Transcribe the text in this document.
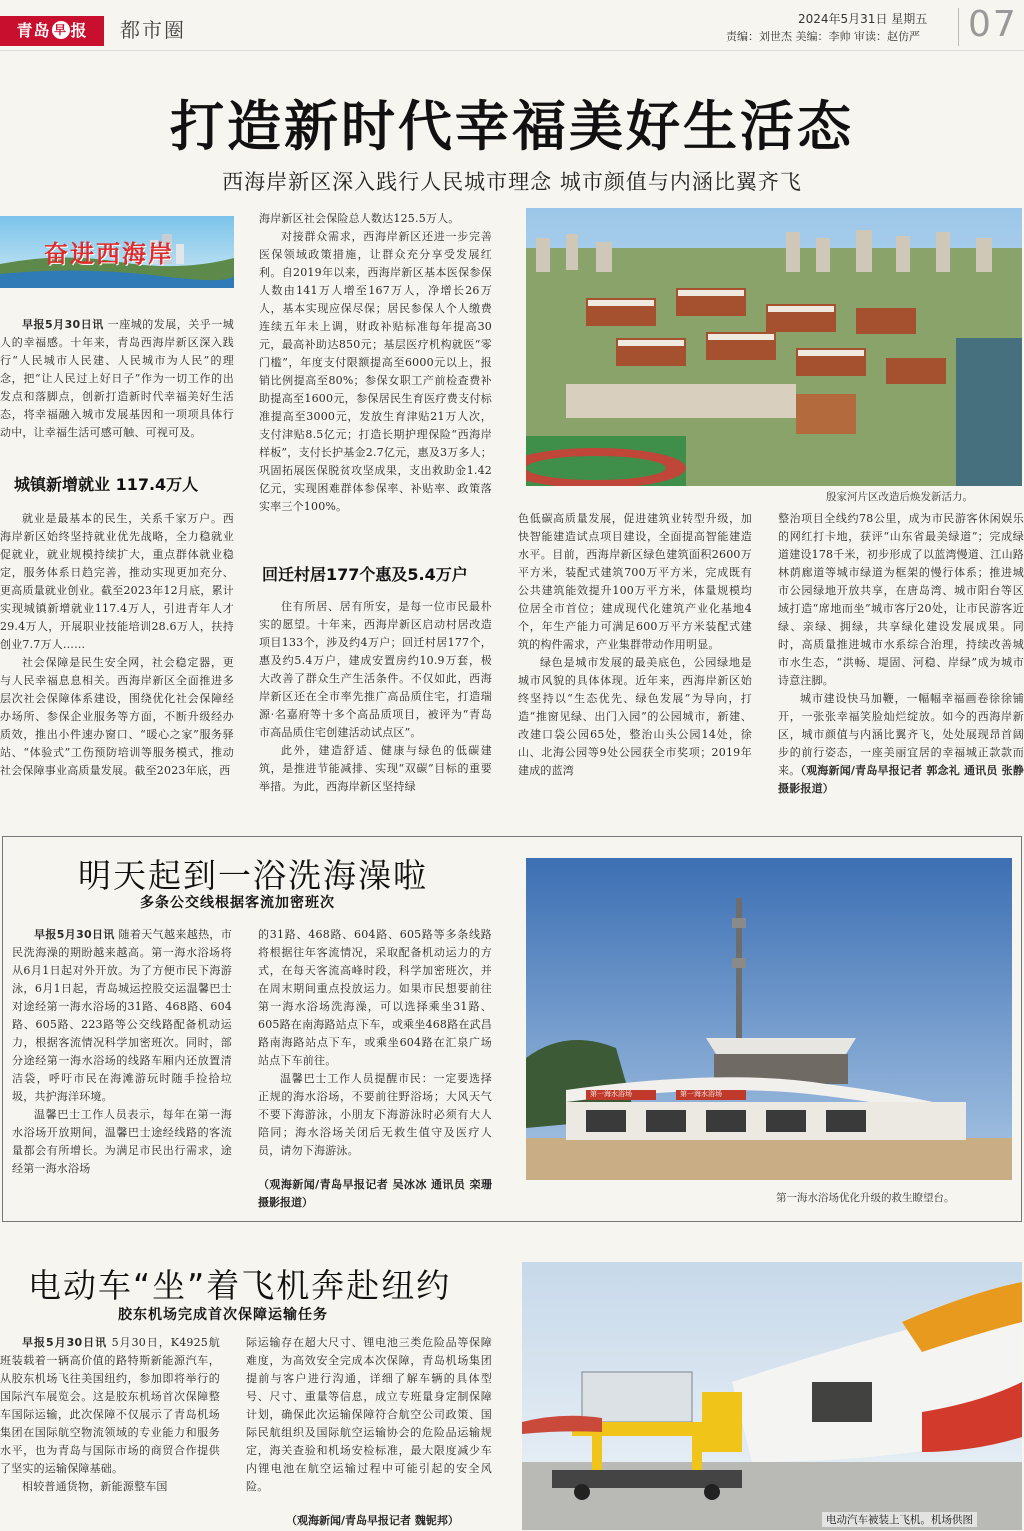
青岛 早 报	都市圈	2024年5月31日 星期五
责编：刘世杰 美编：李帅 审读：赵仿严 07
打造新时代幸福美好生活态
西海岸新区深入践行人民城市理念 城市颜值与内涵比翼齐飞
奋进西海岸

早报5月30日讯 一座城的发展，关乎一城人的幸福感。十年来，青岛西海岸新区深入践行“人民城市人民建、人民城市为人民”的理念，把“让人民过上好日子”作为一切工作的出发点和落脚点，创新打造新时代幸福美好生活态，将幸福融入城市发展基因和一项项具体行动中，让幸福生活可感可触、可视可及。

城镇新增就业 117.4万人

就业是最基本的民生，关系千家万户。西海岸新区始终坚持就业优先战略，全力稳就业促就业，就业规模持续扩大，重点群体就业稳定，服务体系日趋完善，推动实现更加充分、更高质量就业创业。截至2023年12月底，累计实现城镇新增就业117.4万人，引进青年人才29.4万人，开展职业技能培训28.6万人，扶持创业7.7万人……

社会保障是民生安全网，社会稳定器，更与人民幸福息息相关。西海岸新区全面推进多层次社会保障体系建设，围绕优化社会保障经办场所、参保企业服务等方面，不断升级经办质效，推出小件速办窗口、“暖心之家”服务驿站、“体验式”工伤预防培训等服务模式，推动社会保障事业高质量发展。截至2023年底，西

海岸新区社会保险总人数达125.5万人。

对接群众需求，西海岸新区还进一步完善医保领域政策措施，让群众充分享受发展红利。自2019年以来，西海岸新区基本医保参保人数由141万人增至167万人，净增长26万人，基本实现应保尽保；居民参保人个人缴费连续五年未上调，财政补贴标准每年提高30元，最高补助达850元；基层医疗机构就医“零门槛”，年度支付限额提高至6000元以上，报销比例提高至80%；参保女职工产前检查费补助提高至1600元，参保居民生育医疗费支付标准提高至3000元，发放生育津贴21万人次，支付津贴8.5亿元；打造长期护理保险“西海岸样板”，支付长护基金2.7亿元，惠及3万多人；巩固拓展医保脱贫攻坚成果，支出救助金1.42亿元，实现困难群体参保率、补贴率、政策落实率三个100%。

回迁村居177个惠及5.4万户

住有所居、居有所安，是每一位市民最朴实的愿望。十年来，西海岸新区启动村居改造项目133个，涉及约4万户；回迁村居177个，惠及约5.4万户，建成安置房约10.9万套，极大改善了群众生产生活条件。不仅如此，西海岸新区还在全市率先推广高品质住宅，打造瑞源·名嘉府等十多个高品质项目，被评为“青岛市高品质住宅创建活动试点区”。

此外，建造舒适、健康与绿色的低碳建筑，是推进节能减排、实现“双碳”目标的重要举措。为此，西海岸新区坚持绿

殷家河片区改造后焕发新活力。

色低碳高质量发展，促进建筑业转型升级，加快智能建造试点项目建设，全面提高智能建造水平。目前，西海岸新区绿色建筑面积2600万平方米，装配式建筑700万平方米，完成既有公共建筑能效提升100万平方米，体量规模均位居全市首位；建成现代化建筑产业化基地4个，年生产能力可满足600万平方米装配式建筑的构件需求，产业集群带动作用明显。

绿色是城市发展的最美底色，公园绿地是城市风貌的具体体现。近年来，西海岸新区始终坚持以“生态优先、绿色发展”为导向，打造“推窗见绿、出门入园”的公园城市，新建、改建口袋公园65处，整治山头公园14处，徐山、北海公园等9处公园获全市奖项；2019年建成的蓝湾

整治项目全线约78公里，成为市民游客休闲娱乐的网红打卡地，获评“山东省最美绿道”；完成绿道建设178千米，初步形成了以蓝湾慢道、江山路林荫廊道等城市绿道为框架的慢行体系；推进城市公园绿地开放共享，在唐岛湾、城市阳台等区域打造“席地而坐”城市客厅20处，让市民游客近绿、亲绿、拥绿，共享绿化建设发展成果。同时，高质量推进城市水系综合治理，持续改善城市水生态，“洪畅、堤固、河稳、岸绿”成为城市诗意注脚。

城市建设快马加鞭，一幅幅幸福画卷徐徐铺开，一张张幸福笑脸灿烂绽放。如今的西海岸新区，城市颜值与内涵比翼齐飞，处处展现昂首阔步的前行姿态，一座美丽宜居的幸福城正款款而来。（观海新闻/青岛早报记者 郭念礼 通讯员 张静 摄影报道）

明天起到一浴洗海澡啦
多条公交线根据客流加密班次

早报5月30日讯 随着天气越来越热，市民洗海澡的期盼越来越高。第一海水浴场将从6月1日起对外开放。为了方便市民下海游泳，6月1日起，青岛城运控股交运温馨巴士对途经第一海水浴场的31路、468路、604路、605路、223路等公交线路配备机动运力，根据客流情况科学加密班次。同时，部分途经第一海水浴场的线路车厢内还放置清洁袋，呼吁市民在海滩游玩时随手捡拾垃圾，共护海洋环境。

温馨巴士工作人员表示，每年在第一海水浴场开放期间，温馨巴士途经线路的客流量都会有所增长。为满足市民出行需求，途经第一海水浴场

的31路、468路、604路、605路等多条线路将根据往年客流情况，采取配备机动运力的方式，在每天客流高峰时段，科学加密班次，并在周末期间重点投放运力。如果市民想要前往第一海水浴场洗海澡，可以选择乘坐31路、605路在南海路站点下车，或乘坐468路在武昌路南海路站点下车，或乘坐604路在汇泉广场站点下车前往。

温馨巴士工作人员提醒市民：一定要选择正规的海水浴场，不要前往野浴场；大风天气不要下海游泳，小朋友下海游泳时必须有大人陪同；海水浴场关闭后无救生值守及医疗人员，请勿下海游泳。

（观海新闻/青岛早报记者 吴冰冰 通讯员 栾珊 摄影报道）
第一海水浴场	第一海水浴场
第一海水浴场优化升级的救生瞭望台。
电动车“坐”着飞机奔赴纽约
胶东机场完成首次保障运输任务

早报5月30日讯 5月30日，K4925航班装载着一辆高价值的路特斯新能源汽车，从胶东机场飞往美国纽约，参加即将举行的国际汽车展览会。这是胶东机场首次保障整车国际运输，此次保障不仅展示了青岛机场集团在国际航空物流领域的专业能力和服务水平，也为青岛与国际市场的商贸合作提供了坚实的运输保障基础。

相较普通货物，新能源整车国

际运输存在超大尺寸、锂电池三类危险品等保障难度，为高效安全完成本次保障，青岛机场集团提前与客户进行沟通，详细了解车辆的具体型号、尺寸、重量等信息，成立专班量身定制保障计划，确保此次运输保障符合航空公司政策、国际民航组织及国际航空运输协会的危险品运输规定，海关查验和机场安检标准，最大限度减少车内锂电池在航空运输过程中可能引起的安全风险。

（观海新闻/青岛早报记者 魏铌邦）	电动汽车被装上飞机。机场供图
